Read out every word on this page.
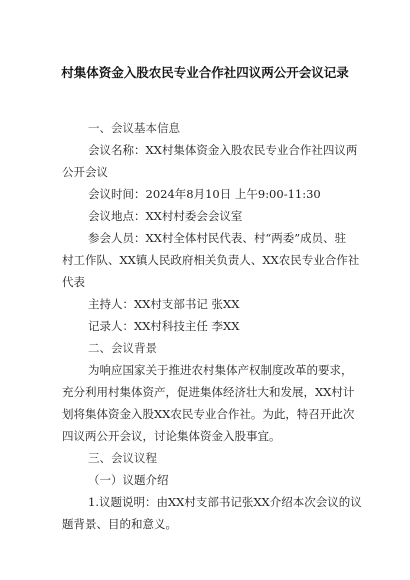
村集体资金入股农民专业合作社四议两公开会议记录
一、会议基本信息
会议名称：XX村集体资金入股农民专业合作社四议两
公开会议
会议时间：2024年8月10日 上午9:00-11:30
会议地点：XX村村委会会议室
参会人员：XX村全体村民代表、村“两委”成员、驻
村工作队、XX镇人民政府相关负责人、XX农民专业合作社
代表
主持人：XX村支部书记 张XX
记录人：XX村科技主任 李XX
二、会议背景
为响应国家关于推进农村集体产权制度改革的要求，
充分利用村集体资产，促进集体经济壮大和发展，XX村计
划将集体资金入股XX农民专业合作社。为此，特召开此次
四议两公开会议，讨论集体资金入股事宜。
三、会议议程
（一）议题介绍
1.议题说明：由XX村支部书记张XX介绍本次会议的议
题背景、目的和意义。
